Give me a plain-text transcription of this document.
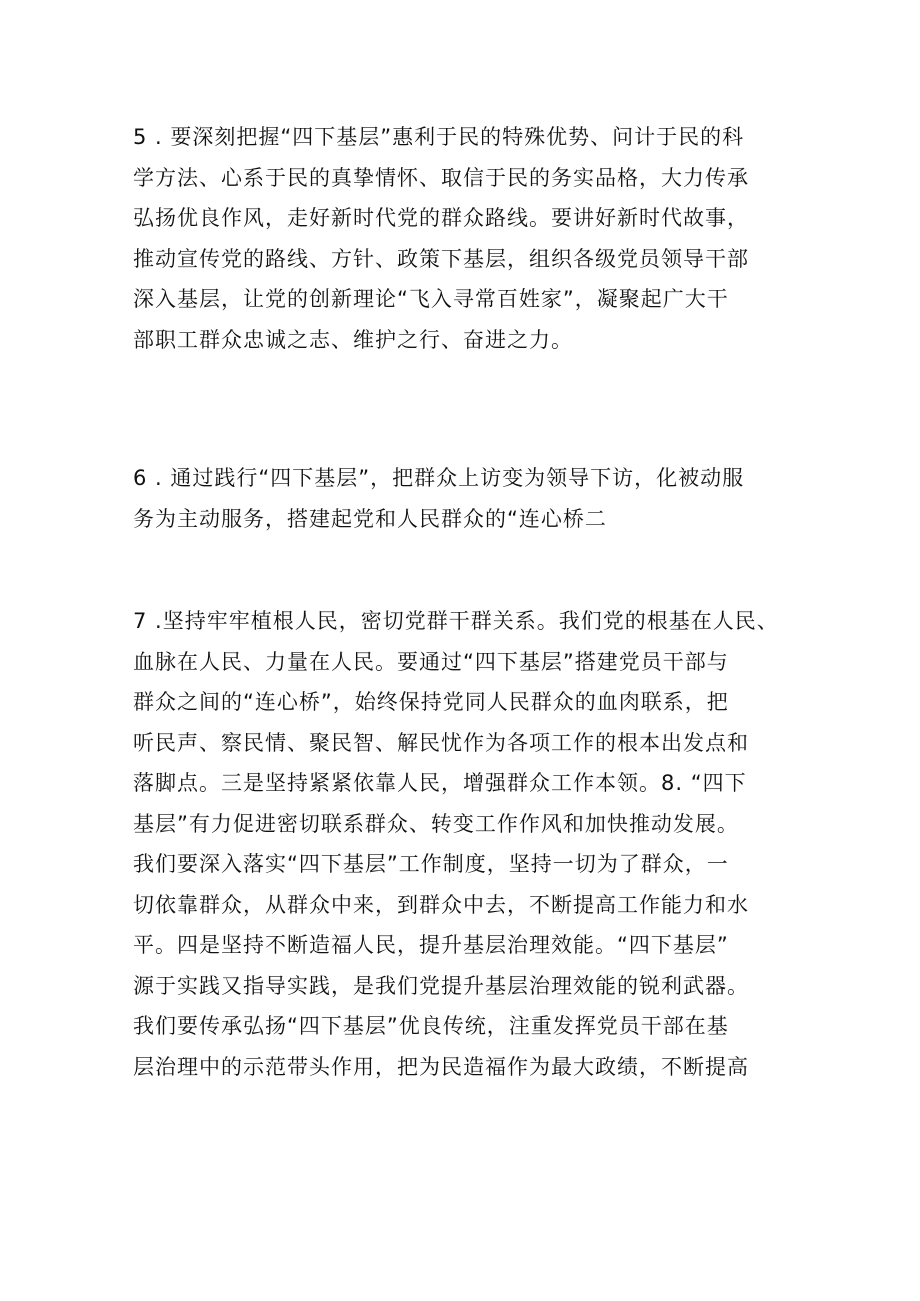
5 . 要深刻把握“四下基层”惠利于民的特殊优势、问计于民的科
学方法、心系于民的真挚情怀、取信于民的务实品格，大力传承
弘扬优良作风，走好新时代党的群众路线。要讲好新时代故事，
推动宣传党的路线、方针、政策下基层，组织各级党员领导干部
深入基层，让党的创新理论“飞入寻常百姓家”，凝聚起广大干
部职工群众忠诚之志、维护之行、奋进之力。
6 . 通过践行“四下基层”，把群众上访变为领导下访，化被动服
务为主动服务，搭建起党和人民群众的“连心桥二
7 .坚持牢牢植根人民，密切党群干群关系。我们党的根基在人民、
血脉在人民、力量在人民。要通过“四下基层”搭建党员干部与
群众之间的“连心桥”，始终保持党同人民群众的血肉联系，把
听民声、察民情、聚民智、解民忧作为各项工作的根本出发点和
落脚点。三是坚持紧紧依靠人民，增强群众工作本领。8. “四下
基层”有力促进密切联系群众、转变工作作风和加快推动发展。
我们要深入落实“四下基层”工作制度，坚持一切为了群众，一
切依靠群众，从群众中来，到群众中去，不断提高工作能力和水
平。四是坚持不断造福人民，提升基层治理效能。“四下基层”
源于实践又指导实践，是我们党提升基层治理效能的锐利武器。
我们要传承弘扬“四下基层”优良传统，注重发挥党员干部在基
层治理中的示范带头作用，把为民造福作为最大政绩，不断提高
